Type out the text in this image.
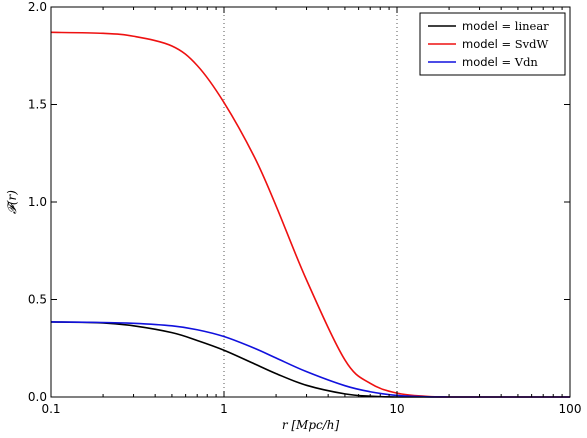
0.1	1	10	100
0.0
0.5
1.0
1.5
2.0
model = linear
model = SvdW
model = Vdn
r [Mpc/h]
𝓕(r)
